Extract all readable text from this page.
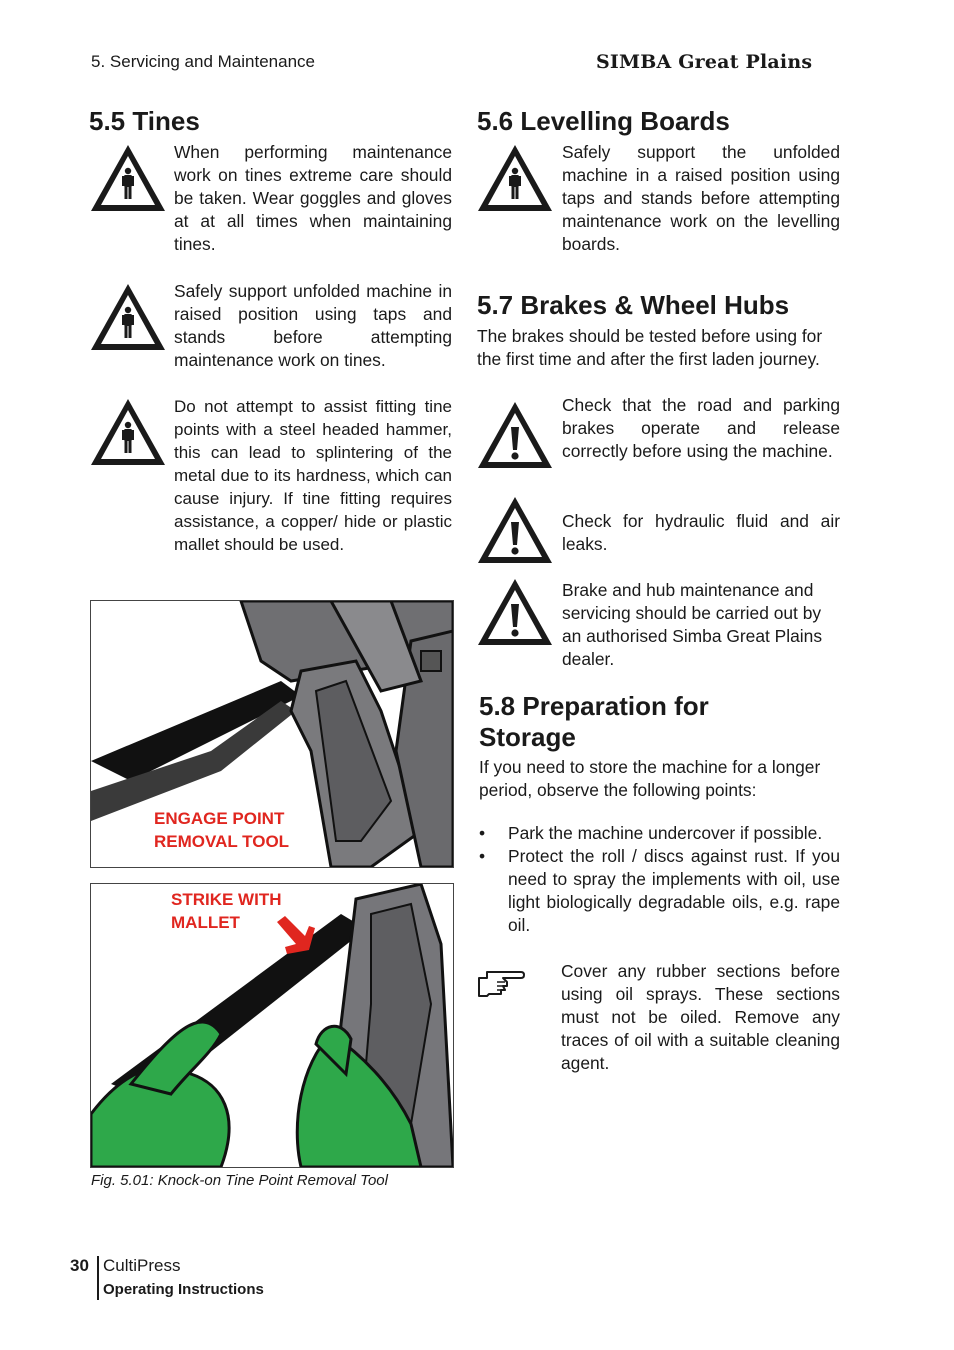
5. Servicing and Maintenance	SIMBA Great Plains
5.5 Tines
When performing maintenance work on tines extreme care should be taken. Wear goggles and gloves at at all times when maintaining tines.
Safely support unfolded machine in raised position using taps and stands before attempting maintenance work on tines.
Do not attempt to assist fitting tine points with a steel headed hammer, this can lead to splintering of the metal due to its hardness, which can cause injury. If tine fitting requires assistance, a copper/ hide or plastic mallet should be used.
ENGAGE POINT
REMOVAL TOOL
STRIKE WITH
MALLET
Fig. 5.01: Knock-on Tine Point Removal Tool
5.6 Levelling Boards
Safely support the unfolded machine in a raised position using taps and stands before attempting maintenance work on the levelling boards.
5.7 Brakes & Wheel Hubs
The brakes should be tested before using for the first time and after the first laden journey.
Check that the road and parking brakes operate and release correctly before using the machine.
Check for hydraulic fluid and air leaks.
Brake and hub maintenance and servicing should be carried out by an authorised Simba Great Plains dealer.
5.8 Preparation for
Storage
If you need to store the machine for a longer period, observe the following points:
• Park the machine undercover if possible.
• Protect the roll / discs against rust. If you need to spray the implements with oil, use light biologically degradable oils, e.g. rape oil.
Cover any rubber sections before using oil sprays. These sections must not be oiled. Remove any traces of oil with a suitable cleaning agent.
30 CultiPress
Operating Instructions
